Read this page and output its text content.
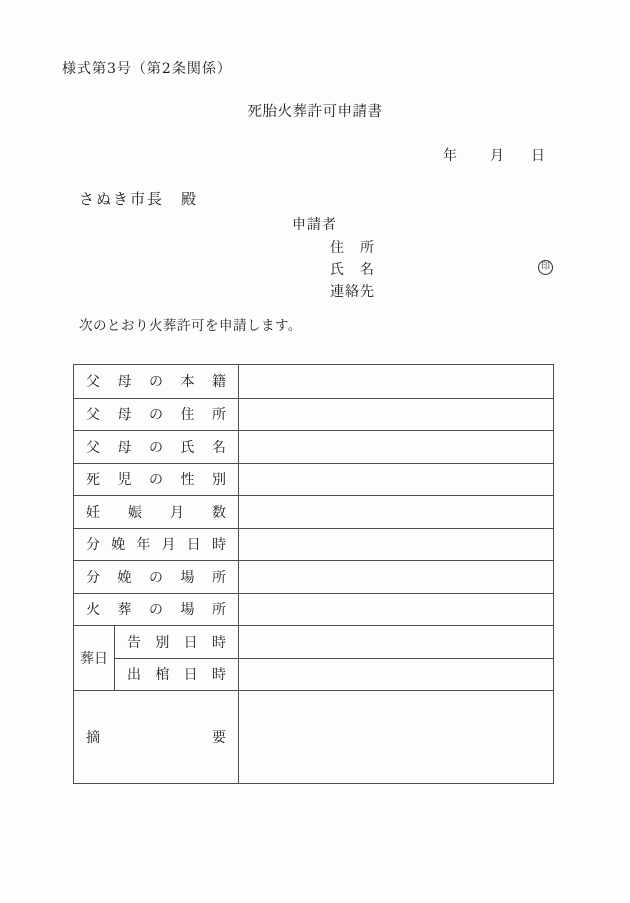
様式第3号（第2条関係）
死胎火葬許可申請書
年 月 日
さぬき市長　殿
申請者
住　所
氏　名	印
連絡先
次のとおり火葬許可を申請します。
父 母 の 本 籍
父 母 の 住 所
父 母 の 氏 名
死 児 の 性 別
妊 娠 月 数
分 娩 年 月 日 時
分 娩 の 場 所
火 葬 の 場 所
葬日
告 別 日 時
出 棺 日 時
摘	要
